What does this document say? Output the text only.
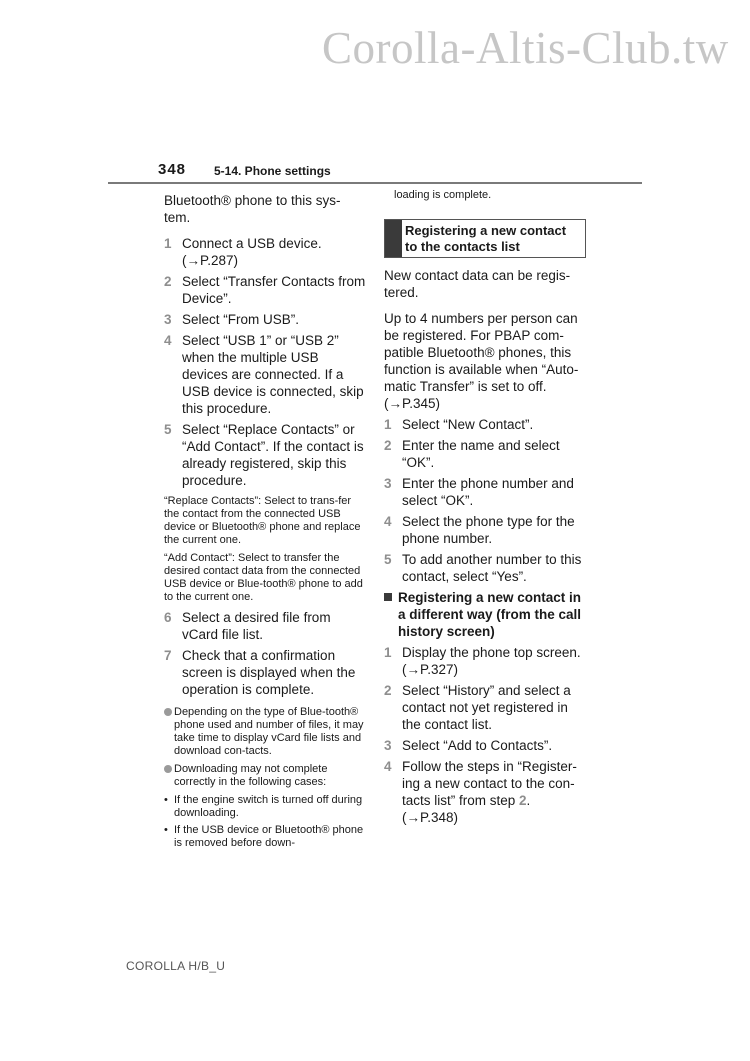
Corolla-Altis-Club.tw
348 5-14. Phone settings

Bluetooth® phone to this sys-tem.

1 Connect a USB device. (→P.287)
2 Select “Transfer Contacts from Device”.
3 Select “From USB”.
4 Select “USB 1” or “USB 2” when the multiple USB devices are connected. If a USB device is connected, skip this procedure.
5 Select “Replace Contacts” or “Add Contact”. If the contact is already registered, skip this procedure.

“Replace Contacts”: Select to trans-fer the contact from the connected USB device or Bluetooth® phone and replace the current one.

“Add Contact”: Select to transfer the desired contact data from the connected USB device or Blue-tooth® phone to add to the current one.

6 Select a desired file from vCard file list.
7 Check that a confirmation screen is displayed when the operation is complete.
Depending on the type of Blue-tooth® phone used and number of files, it may take time to display vCard file lists and download con-tacts.
Downloading may not complete correctly in the following cases:
• If the engine switch is turned off during downloading.
• If the USB device or Bluetooth® phone is removed before down-

loading is complete.

Registering a new contact
to the contacts list

New contact data can be regis-tered.

Up to 4 numbers per person can be registered. For PBAP com-patible Bluetooth® phones, this function is available when “Auto-matic Transfer” is set to off. (→P.345)

1 Select “New Contact”.
2 Enter the name and select “OK”.
3 Enter the phone number and select “OK”.
4 Select the phone type for the phone number.
5 To add another number to this contact, select “Yes”.
Registering a new contact in a different way (from the call history screen)
1 Display the phone top screen. (→P.327)
2 Select “History” and select a contact not yet registered in the contact list.
3 Select “Add to Contacts”.
4 Follow the steps in “Register-ing a new contact to the con-tacts list” from step 2. (→P.348)
COROLLA H/B_U
